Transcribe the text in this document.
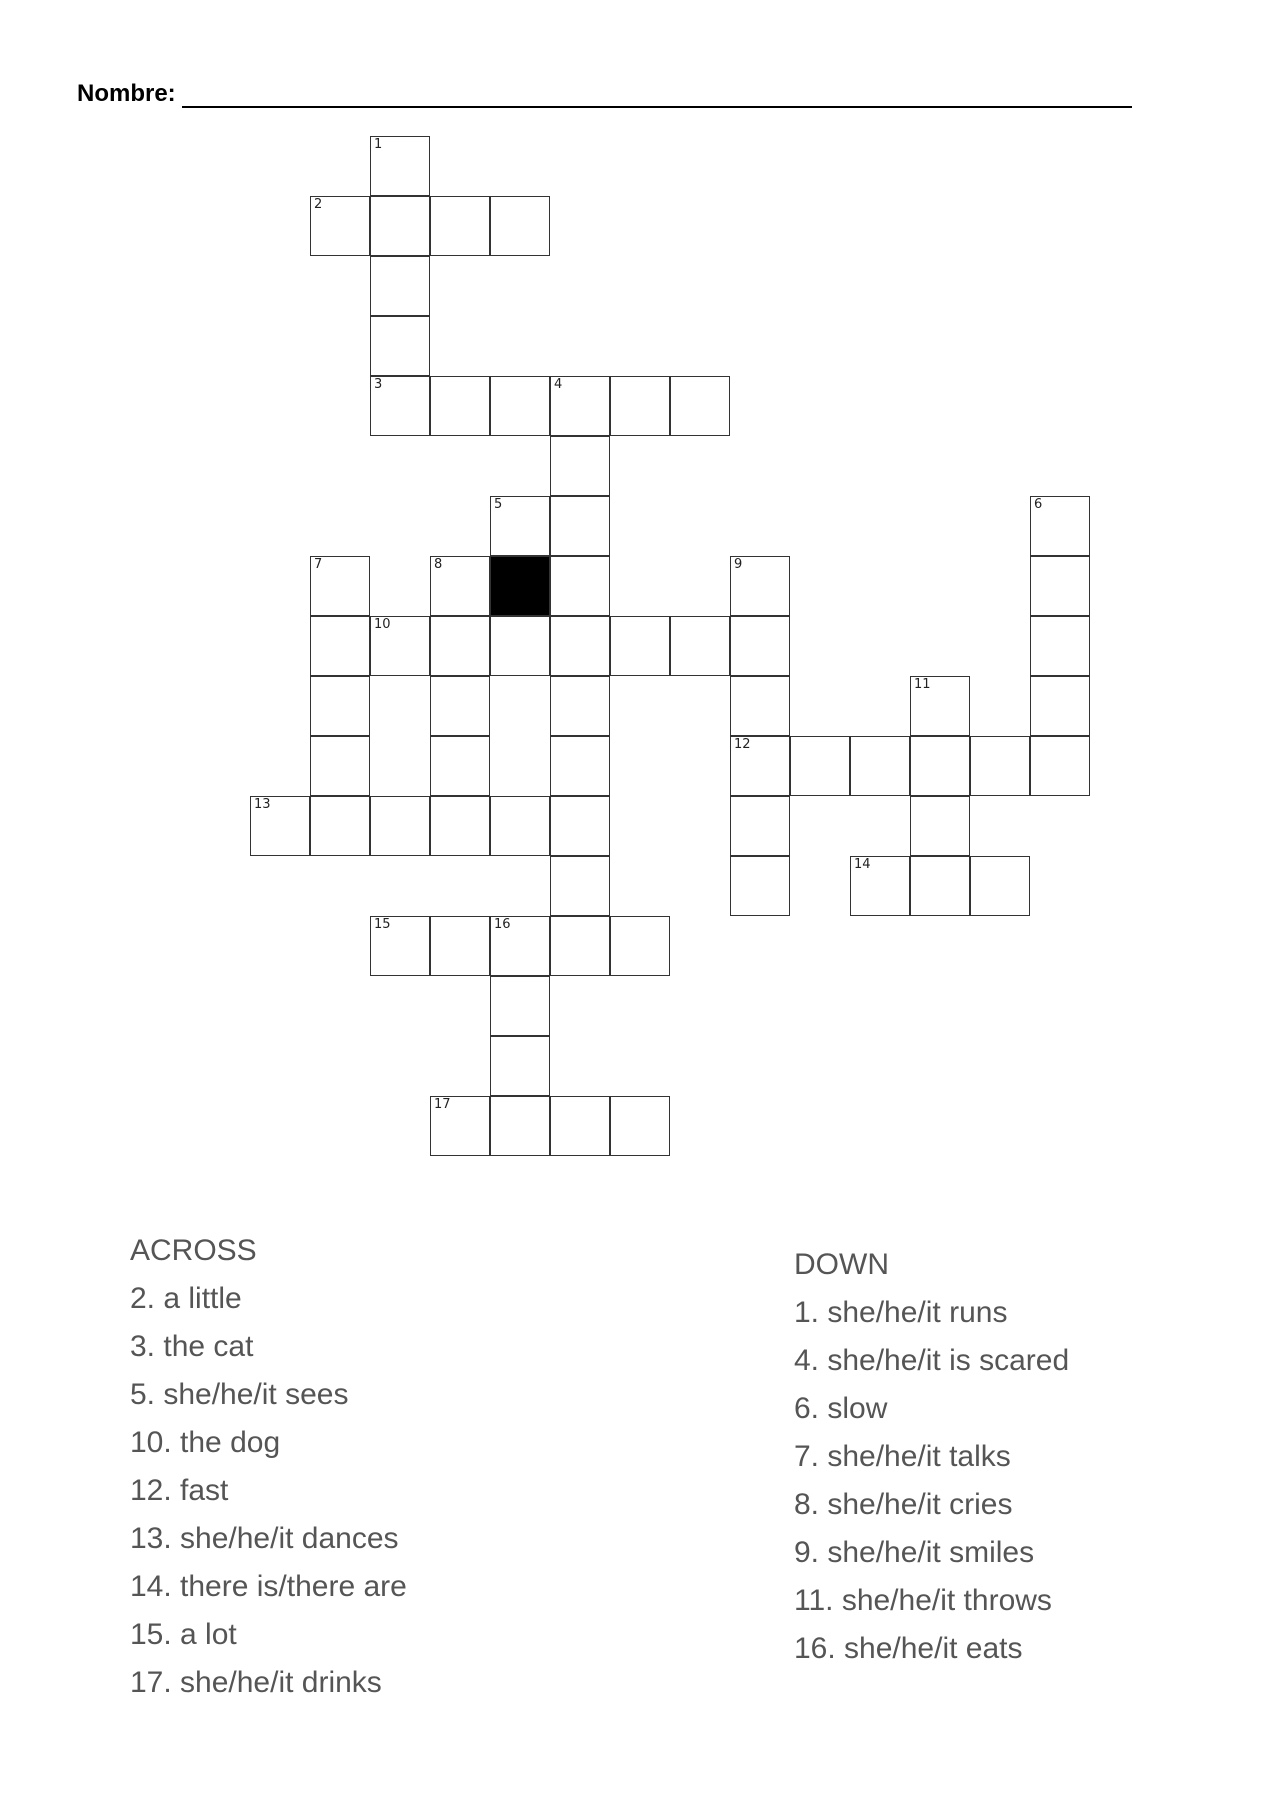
Nombre:
1
3
2
4
5	6
7	8	9
12
10
11
13
14
15	16
17
ACROSS
2. a little
3. the cat
5. she/he/it sees
10. the dog
12. fast
13. she/he/it dances
14. there is/there are
15. a lot
17. she/he/it drinks
DOWN
1. she/he/it runs
4. she/he/it is scared
6. slow
7. she/he/it talks
8. she/he/it cries
9. she/he/it smiles
11. she/he/it throws
16. she/he/it eats
